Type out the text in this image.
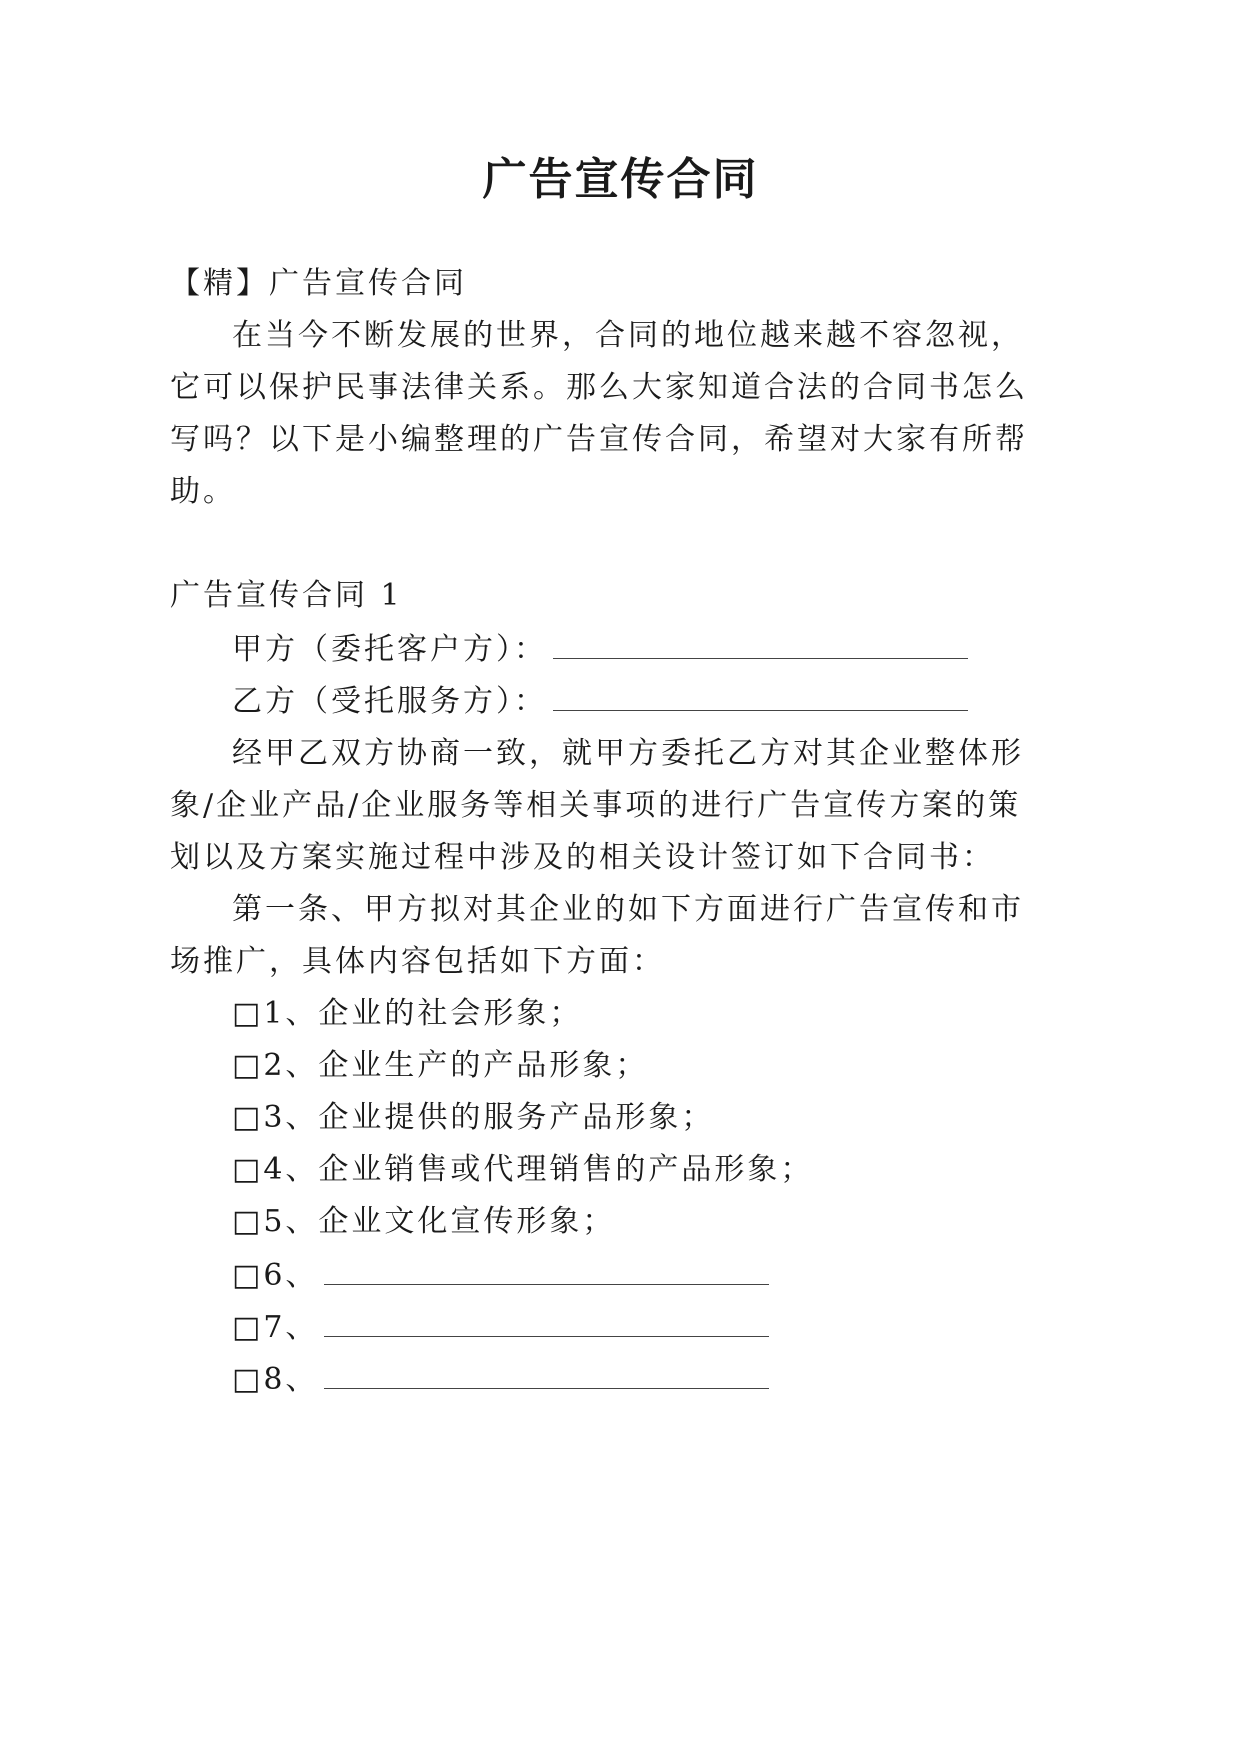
广告宣传合同
【精】广告宣传合同
在当今不断发展的世界，合同的地位越来越不容忽视，
它可以保护民事法律关系。那么大家知道合法的合同书怎么
写吗？以下是小编整理的广告宣传合同，希望对大家有所帮
助。
广告宣传合同 1
甲方（委托客户方）：
乙方（受托服务方）：
经甲乙双方协商一致，就甲方委托乙方对其企业整体形
象/企业产品/企业服务等相关事项的进行广告宣传方案的策
划以及方案实施过程中涉及的相关设计签订如下合同书：
第一条、甲方拟对其企业的如下方面进行广告宣传和市
场推广，具体内容包括如下方面：
□1、企业的社会形象；
□2、企业生产的产品形象；
□3、企业提供的服务产品形象；
□4、企业销售或代理销售的产品形象；
□5、企业文化宣传形象；
□6、
□7、
□8、
